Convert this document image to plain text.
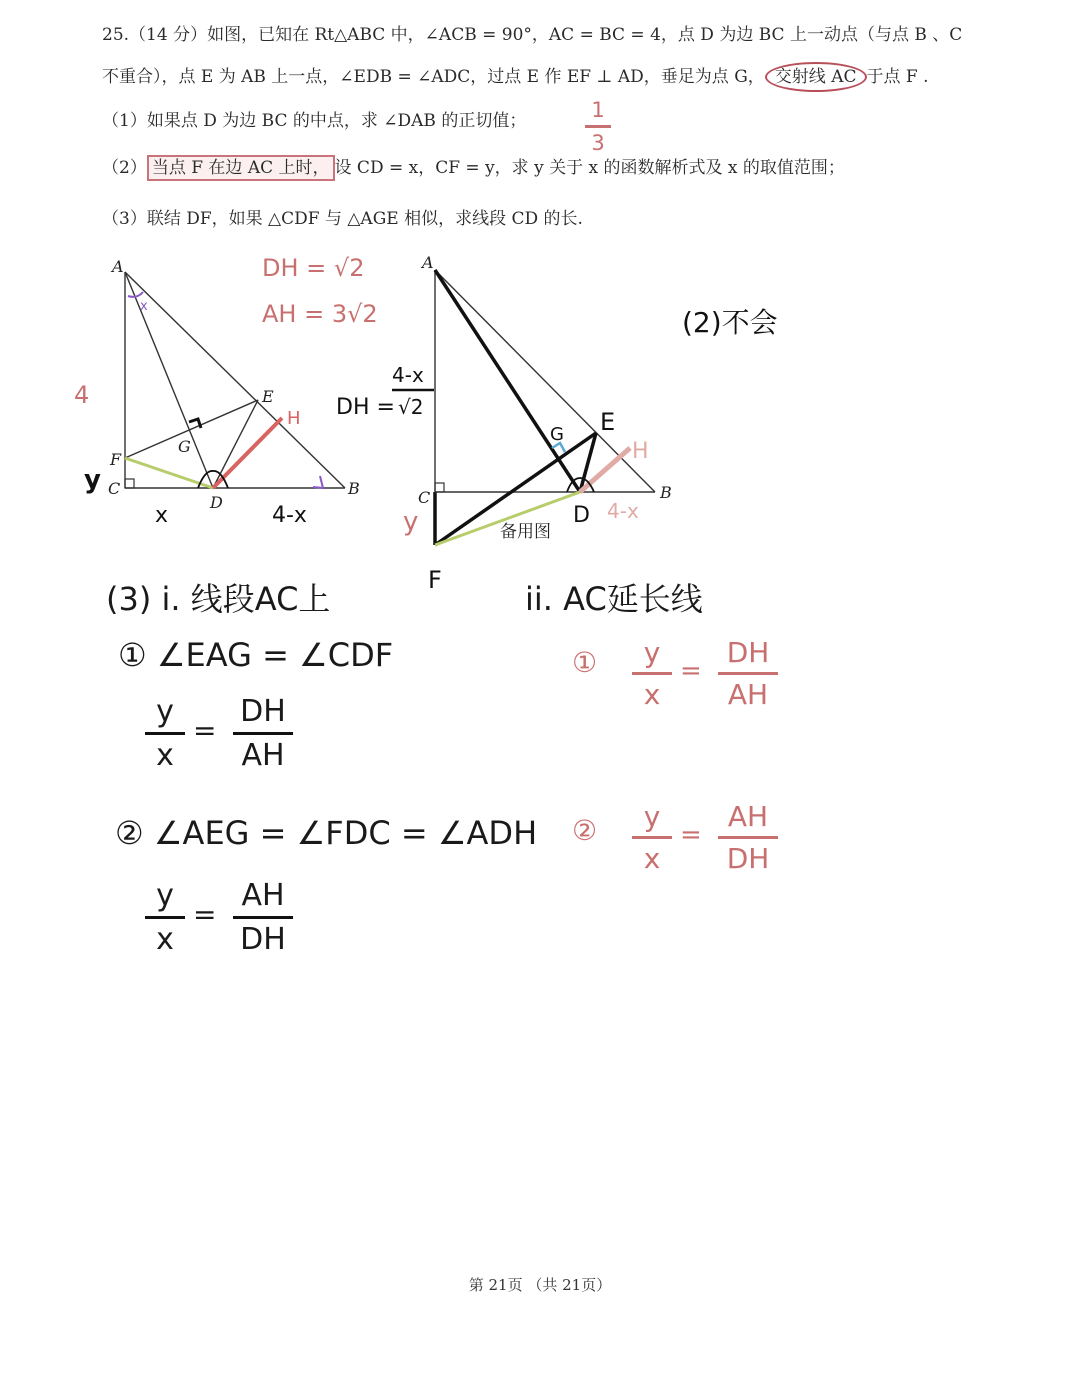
25.（14 分）如图，已知在 Rt△ABC 中，∠ACB = 90°，AC = BC = 4，点 D 为边 BC 上一动点（与点 B 、C
不重合），点 E 为 AB 上一点，∠EDB = ∠ADC，过点 E 作 EF ⊥ AD，垂足为点 G， 交射线 AC 于点 F .
（1）如果点 D 为边 BC 的中点，求 ∠DAB 的正切值；
（2） 当点 F 在边 AC 上时， 设 CD = x，CF = y，求 y 关于 x 的函数解析式及 x 的取值范围；
（3）联结 DF，如果 △CDF 与 △AGE 相似，求线段 CD 的长.
1
3
A
B
C
D
E
F
G
H
x
4
y
x	4-x
DH = √2
AH = 3√2
A
B
C
D
E
F
G
H
y	4-x
备用图
DH =
4-x
√2
(2)不会
(3) i. 线段AC上	ii. AC延长线
① ∠EAG = ∠CDF
y
x
=
DH
AH
② ∠AEG = ∠FDC = ∠ADH
y
x
=
AH
DH
①	y
x
=
DH
AH
②	y
x
=
AH
DH
第 21页 （共 21页）
